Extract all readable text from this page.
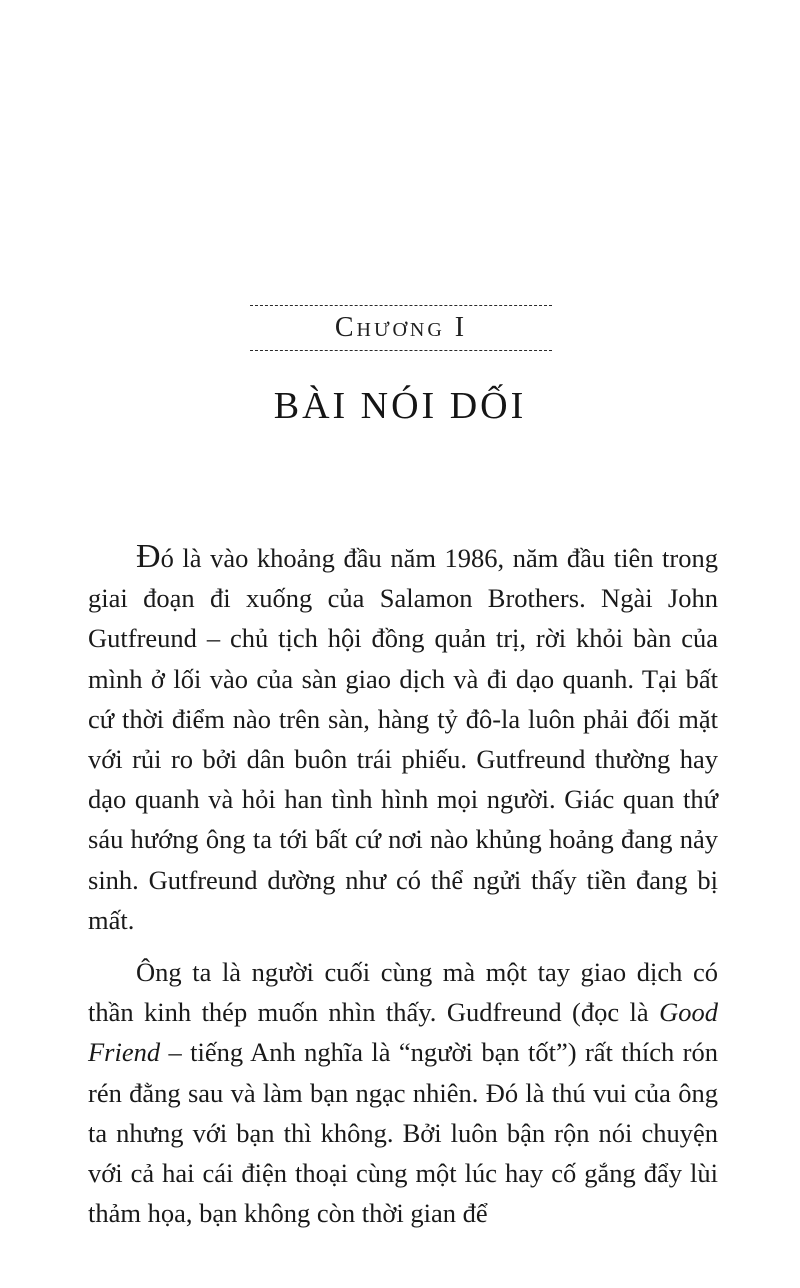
Chương I
BÀI NÓI DỐI

Đó là vào khoảng đầu năm 1986, năm đầu tiên trong giai đoạn đi xuống của Salamon Brothers. Ngài John Gutfreund – chủ tịch hội đồng quản trị, rời khỏi bàn của mình ở lối vào của sàn giao dịch và đi dạo quanh. Tại bất cứ thời điểm nào trên sàn, hàng tỷ đô-la luôn phải đối mặt với rủi ro bởi dân buôn trái phiếu. Gutfreund thường hay dạo quanh và hỏi han tình hình mọi người. Giác quan thứ sáu hướng ông ta tới bất cứ nơi nào khủng hoảng đang nảy sinh. Gutfreund dường như có thể ngửi thấy tiền đang bị mất.

Ông ta là người cuối cùng mà một tay giao dịch có thần kinh thép muốn nhìn thấy. Gudfreund (đọc là Good Friend – tiếng Anh nghĩa là “người bạn tốt”) rất thích rón rén đằng sau và làm bạn ngạc nhiên. Đó là thú vui của ông ta nhưng với bạn thì không. Bởi luôn bận rộn nói chuyện với cả hai cái điện thoại cùng một lúc hay cố gắng đẩy lùi thảm họa, bạn không còn thời gian để
